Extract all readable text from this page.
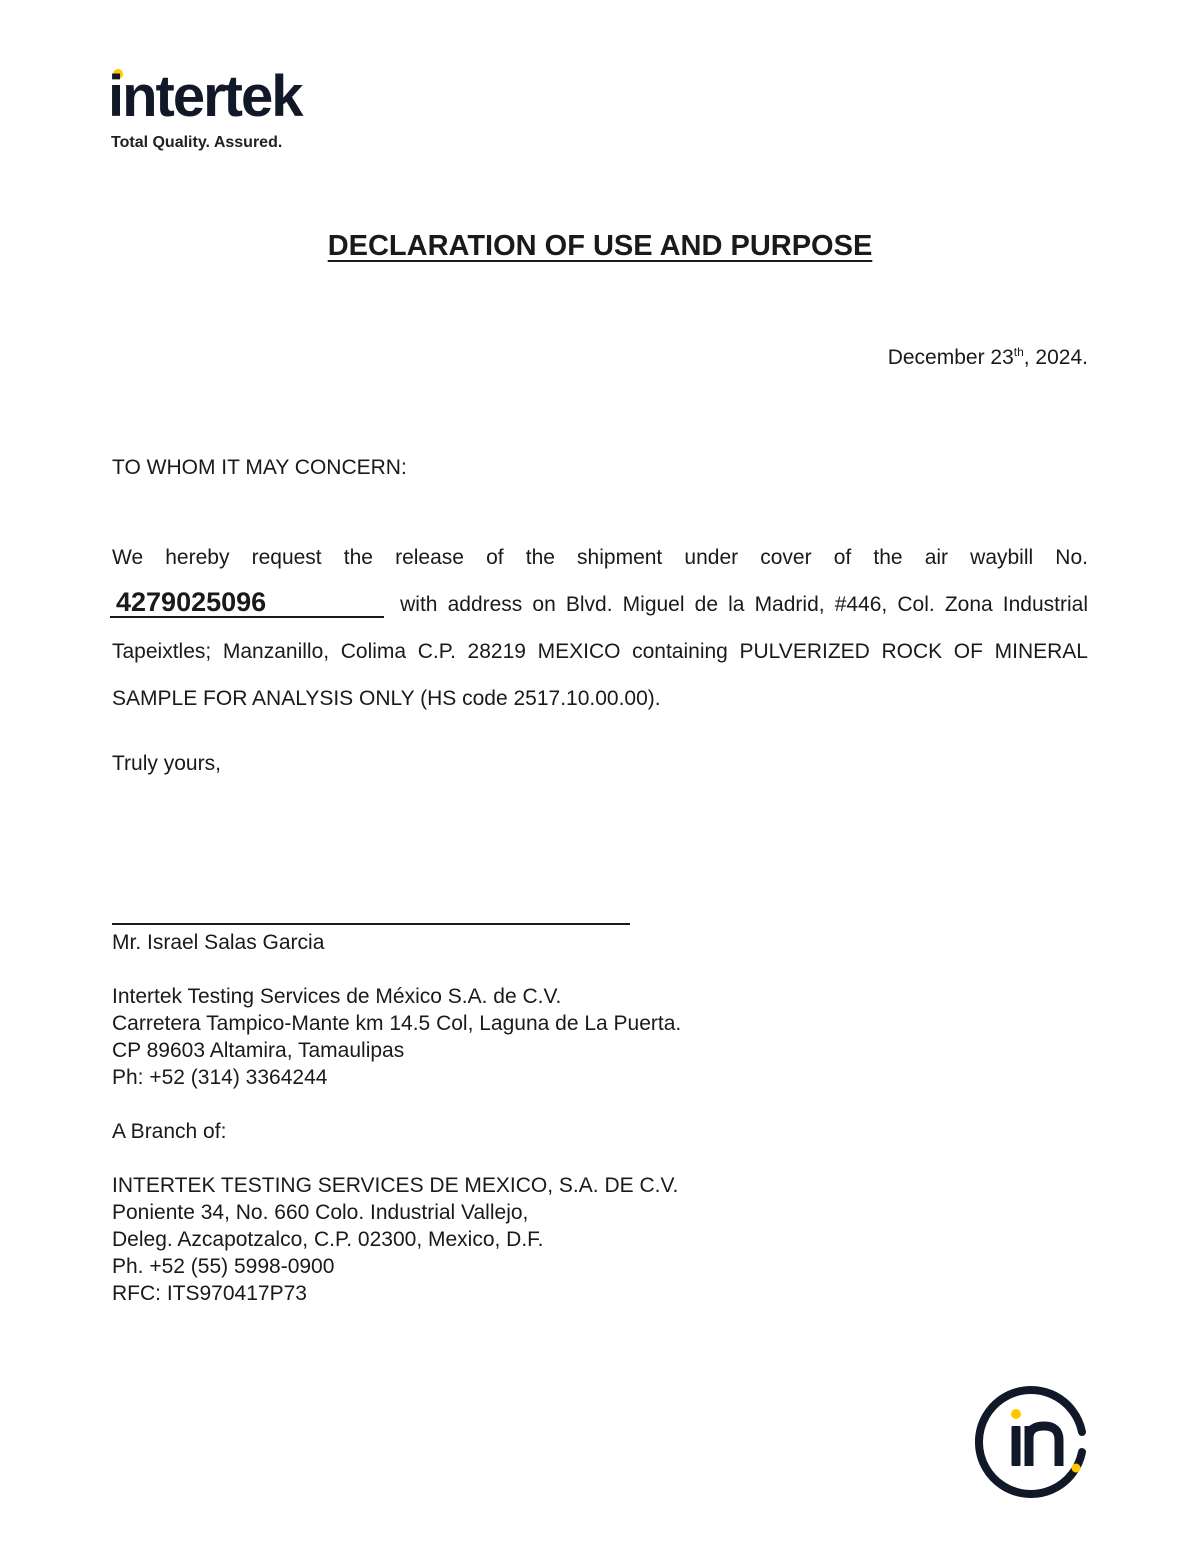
intertek
Total Quality. Assured.
DECLARATION OF USE AND PURPOSE
December 23th, 2024.
TO WHOM IT MAY CONCERN:

We hereby request the release of the shipment under cover of the air waybill No.4279025096	with address on Blvd. Miguel de la Madrid, #446, Col. Zona Industrial Tapeixtles; Manzanillo, Colima C.P. 28219 MEXICO containing PULVERIZED ROCK OF MINERAL SAMPLE FOR ANALYSIS ONLY (HS code 2517.10.00.00).

Truly yours,
Mr. Israel Salas Garcia
Intertek Testing Services de México S.A. de C.V.
Carretera Tampico-Mante km 14.5 Col, Laguna de La Puerta.
CP 89603 Altamira, Tamaulipas
Ph: +52 (314) 3364244
A Branch of:
INTERTEK TESTING SERVICES DE MEXICO, S.A. DE C.V.
Poniente 34, No. 660 Colo. Industrial Vallejo,
Deleg. Azcapotzalco, C.P. 02300, Mexico, D.F.
Ph. +52 (55) 5998-0900
RFC: ITS970417P73
